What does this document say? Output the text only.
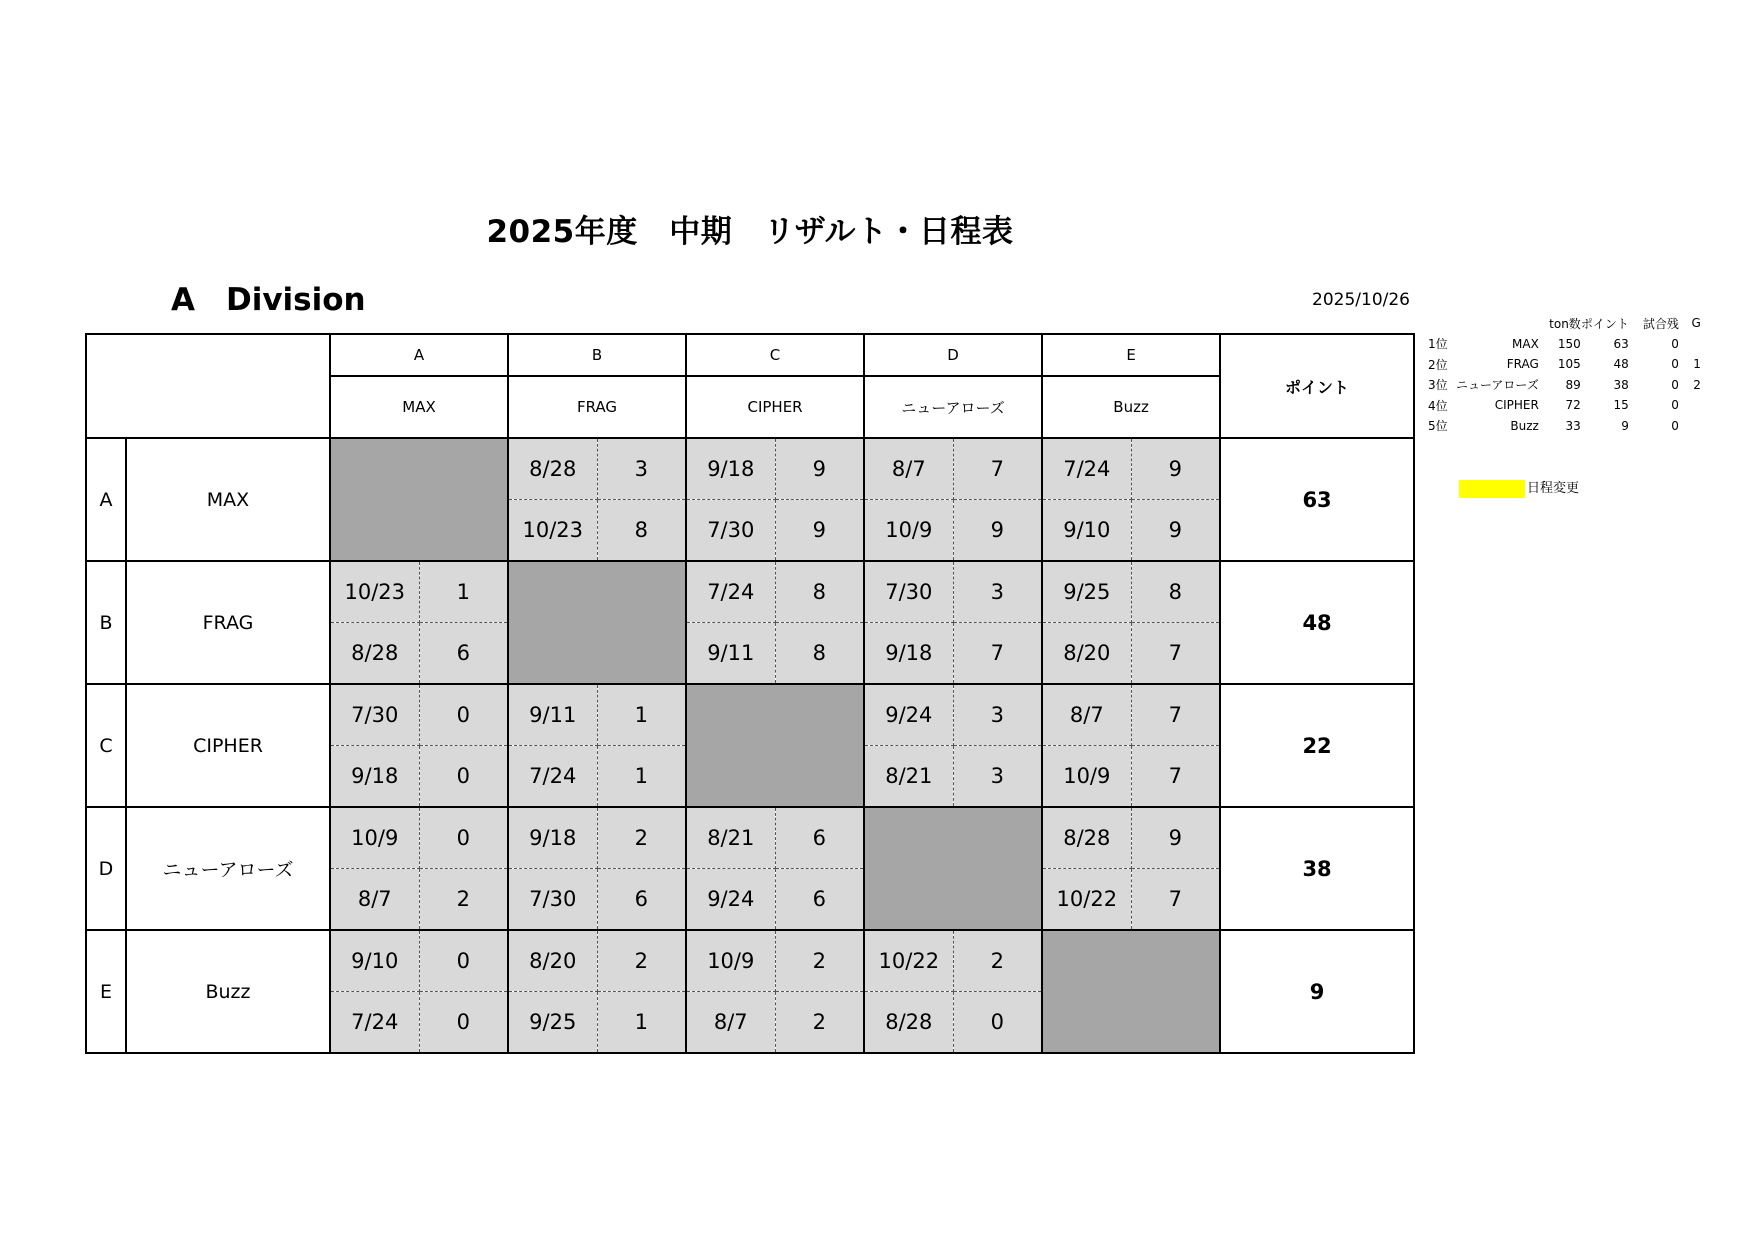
2025年度　中期　リザルト・日程表
A　Division	2025/10/26
		A		B		C		D		E		ポイント
		MAX		FRAG		CIPHER		ニューアローズ		Buzz		
A	MAX			8/28	3	9/18	9	8/7	7	7/24	9	63
				10/23	8	7/30	9	10/9	9	9/10	9	
B	FRAG	10/23	1			7/24	8	7/30	3	9/25	8	48
		8/28	6			9/11	8	9/18	7	8/20	7	
C	CIPHER	7/30	0	9/11	1			9/24	3	8/7	7	22
		9/18	0	7/24	1			8/21	3	10/9	7	
D	ニューアローズ	10/9	0	9/18	2	8/21	6			8/28	9	38
		8/7	2	7/30	6	9/24	6			10/22	7	
E	Buzz	9/10	0	8/20	2	10/9	2	10/22	2			9
		7/24	0	9/25	1	8/7	2	8/28	0			
		ton数	ポイント	試合残	G
1位	MAX	150	63	0	
2位	FRAG	105	48	0	1
3位	ニューアローズ	89	38	0	2
4位	CIPHER	72	15	0	
5位	Buzz	33	9	0	
日程変更
